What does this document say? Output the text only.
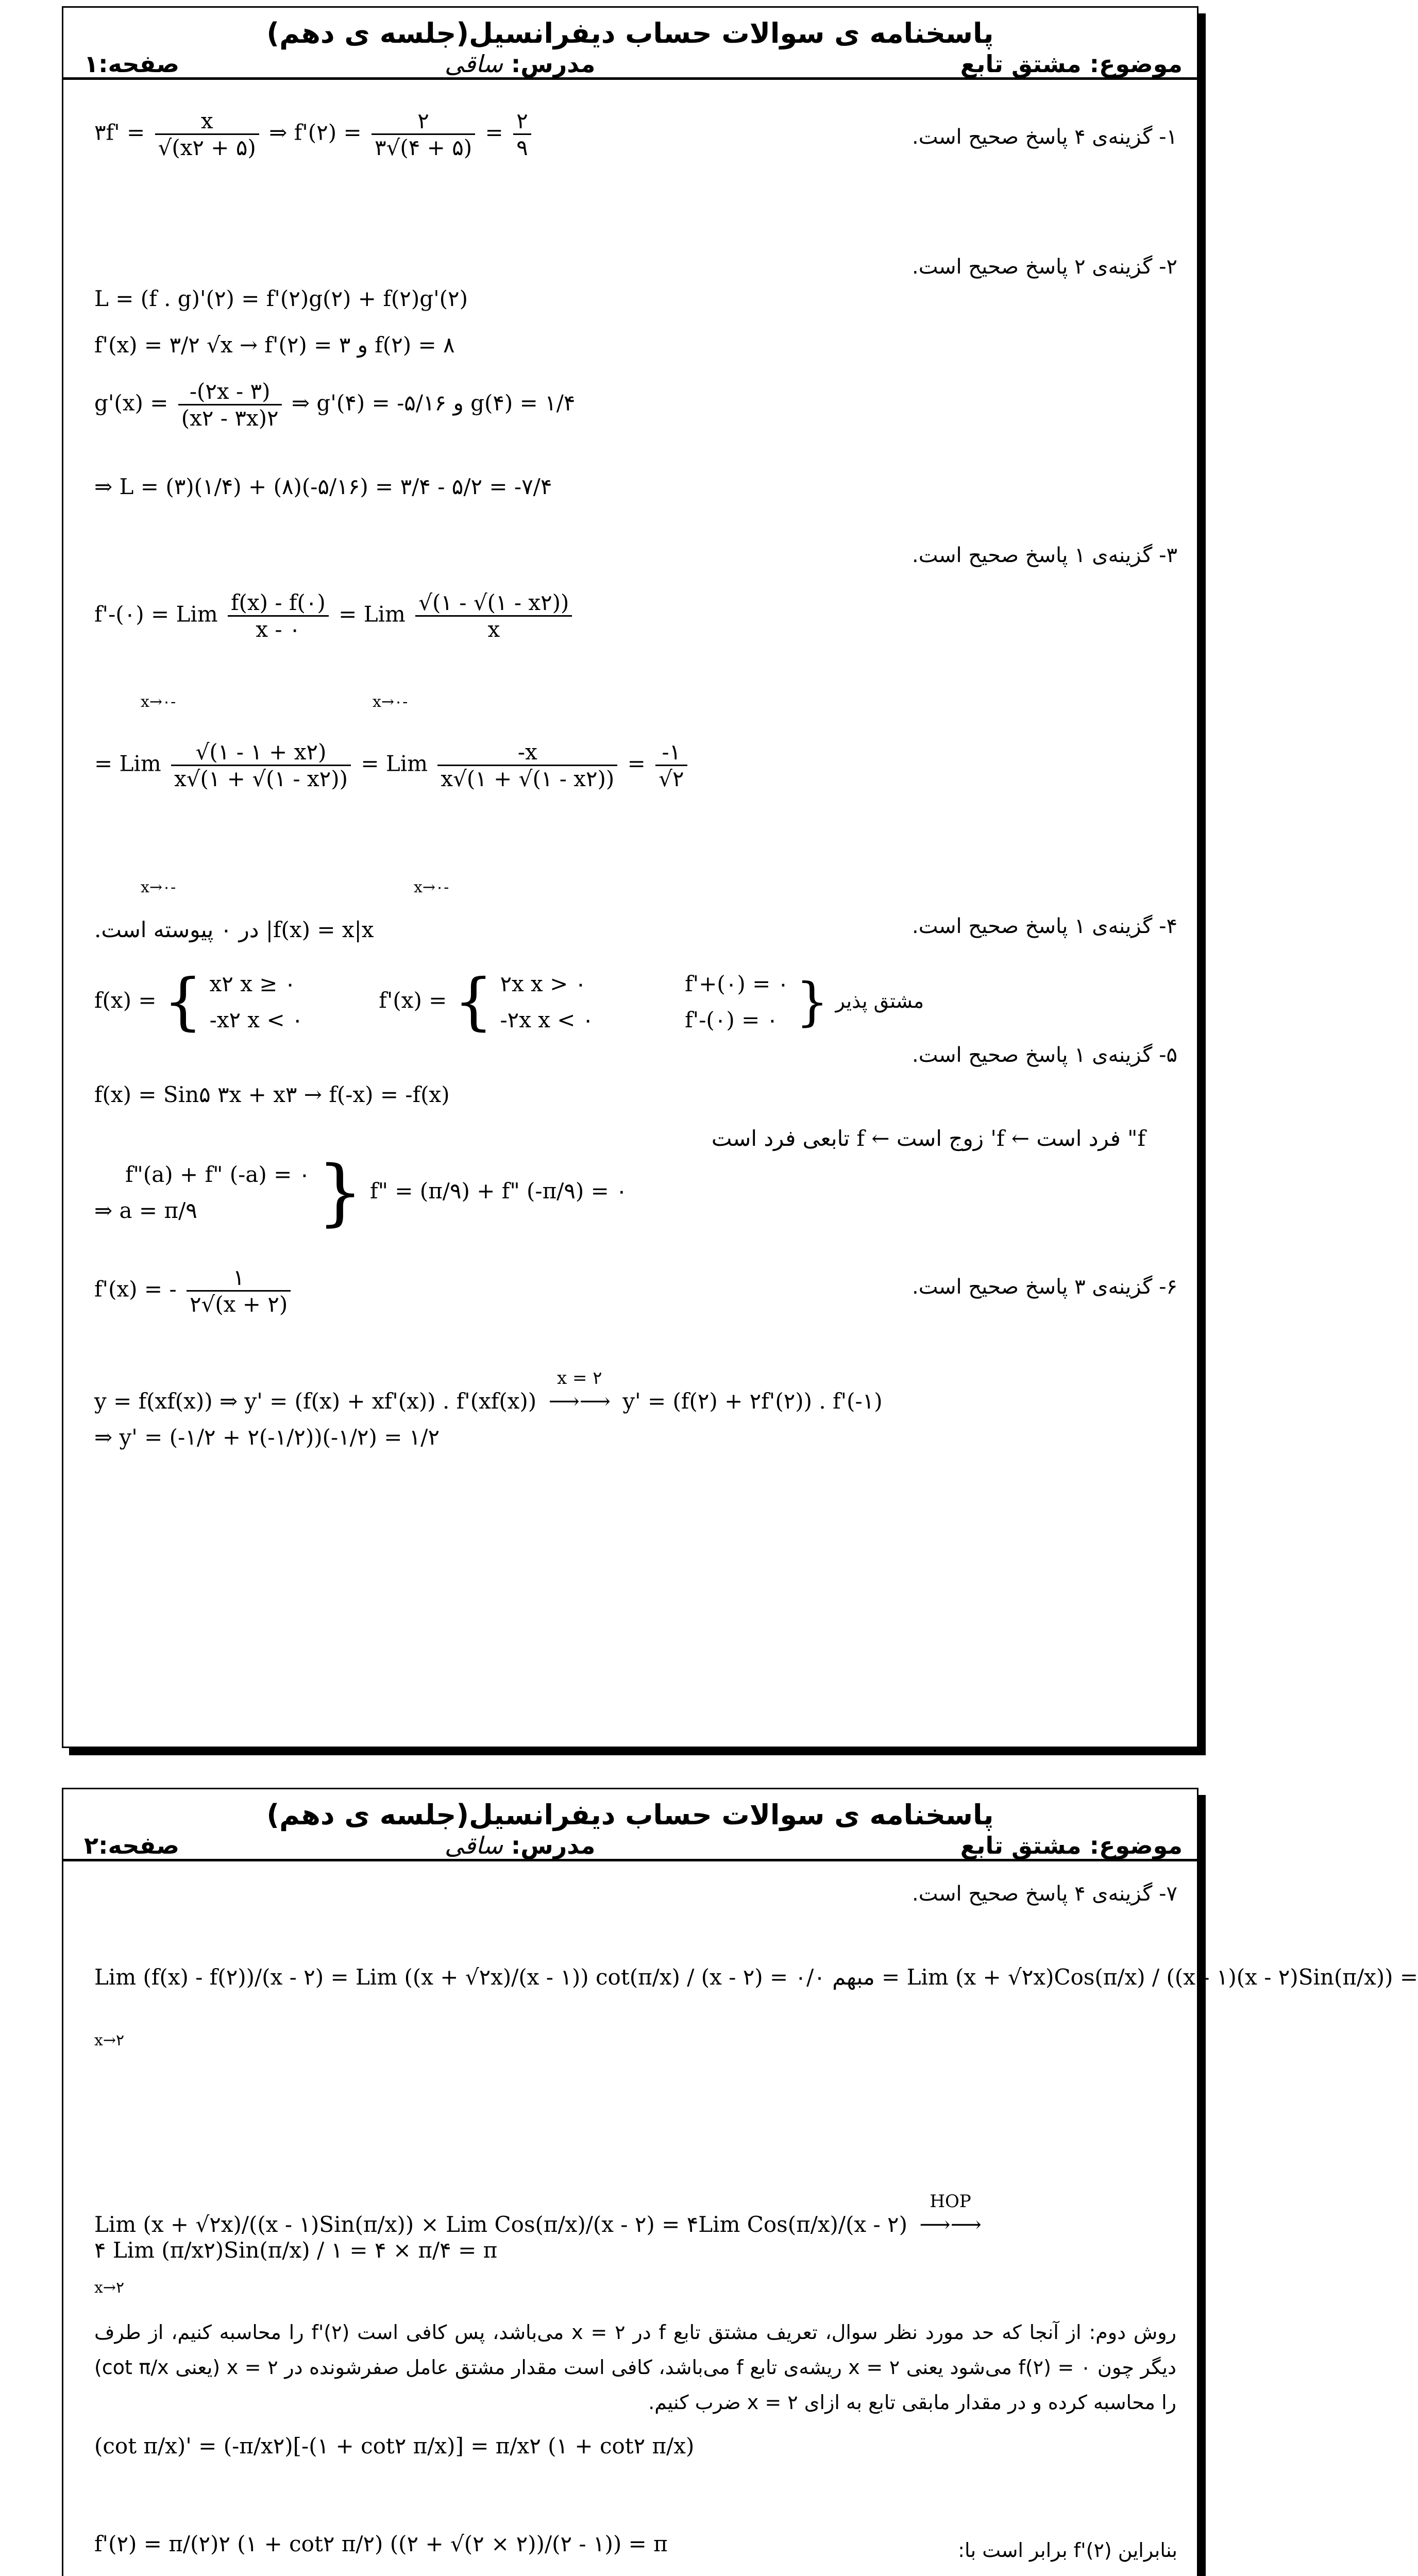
پاسخنامه ی سوالات حساب دیفرانسیل(جلسه ی دهم)
موضوع: مشتق تابع
مدرس: ساقی
صفحه:۱
۱- گزینه‌ی ۴ پاسخ صحیح است.
۳f' = $\frac{x}{√(x۲ + ۵)}$ ⇒ f'(۲) = $\frac{۲}{۳√(۴ + ۵)} = \frac{۲}{۹}$
۲- گزینه‌ی ۲ پاسخ صحیح است.
L = (f . g)'(۲) = f'(۲)g(۲) + f(۲)g'(۲)
f'(x) = ۳/۲ √x → f'(۲) = ۳ و f(۲) = ۸
$g'(x) = \frac{-(۲x - ۳)}{(x۲ - ۳x)۲}$ ⇒ g'(۴) = -۵/۱۶ و g(۴) = ۱/۴
⇒ L = (۳)(۱/۴) + (۸)(-۵/۱۶) = ۳/۴ - ۵/۲ = -۷/۴
۳- گزینه‌ی ۱ پاسخ صحیح است.
f'-(۰) = Lim $\frac{f(x) - f(۰)}{x - ۰}$ = Lim $\frac{√(۱ - √(۱ - x۲))}{x}$
x→۰-	x→۰-
= Lim $\frac{√(۱ - ۱ + x۲)}{x√(۱ + √(۱ - x۲))}$ = Lim $\frac{-x}{x√(۱ + √(۱ - x۲))} = \frac{-۱}{√۲}$
x→۰-	x→۰-
۴- گزینه‌ی ۱ پاسخ صحیح است.
f(x) = x|x| در ۰ پیوسته است.
f(x) = { x۲ x ≥ ۰
-x۲ x < ۰
f'(x) = { ۲x x > ۰
-۲x x < ۰

f'+(۰) = ۰
f'-(۰) = ۰ } مشتق پذیر
۵- گزینه‌ی ۱ پاسخ صحیح است.
f(x) = Sin۵ ۳x + x۳ → f(-x) = -f(x)
f" فرد است ← f' زوج است ← f تابعی فرد است
f"(a) + f" (-a) = ۰
⇒ a = π/۹	} f" = (π/۹) + f" (-π/۹) = ۰
۶- گزینه‌ی ۳ پاسخ صحیح است.
f'(x) = - $\frac{۱}{۲√(x + ۲)}$
y = f(xf(x)) ⇒ y' = (f(x) + xf'(x)) . f'(xf(x))
x = ۲
⟶⟶ y' = (f(۲) + ۲f'(۲)) . f'(-۱)
⇒ y' = (-۱/۲ + ۲(-۱/۲))(-۱/۲) = ۱/۲
پاسخنامه ی سوالات حساب دیفرانسیل(جلسه ی دهم)
موضوع: مشتق تابع
مدرس: ساقی
صفحه:۲
۷- گزینه‌ی ۴ پاسخ صحیح است.
Lim (f(x) - f(۲))/(x - ۲) = Lim ((x + √۲x)/(x - ۱)) cot(π/x) / (x - ۲) = ۰/۰ مبهم = Lim (x + √۲x)Cos(π/x) / ((x - ۱)(x - ۲)Sin(π/x)) =
x→۲
Lim (x + √۲x)/((x - ۱)Sin(π/x)) × Lim Cos(π/x)/(x - ۲) = ۴Lim Cos(π/x)/(x - ۲)
HOP
⟶⟶
۴ Lim (π/x۲)Sin(π/x) / ۱ = ۴ × π/۴ = π
x→۲
روش دوم: از آنجا که حد مورد نظر سوال، تعریف مشتق تابع f در x = ۲ می‌باشد، پس کافی است f'(۲) را محاسبه کنیم، از طرف دیگر چون f(۲) = ۰ می‌شود یعنی x = ۲ ریشه‌ی تابع f می‌باشد، کافی است مقدار مشتق عامل صفرشونده در x = ۲ (یعنی cot π/x) را محاسبه کرده و در مقدار مابقی تابع به ازای x = ۲ ضرب کنیم.
(cot π/x)' = (-π/x۲)[-(۱ + cot۲ π/x)] = π/x۲ (۱ + cot۲ π/x)
f'(۲) = π/(۲)۲ (۱ + cot۲ π/۲) ((۲ + √(۲ × ۲))/(۲ - ۱)) = π	بنابراین f'(۲) برابر است با:
